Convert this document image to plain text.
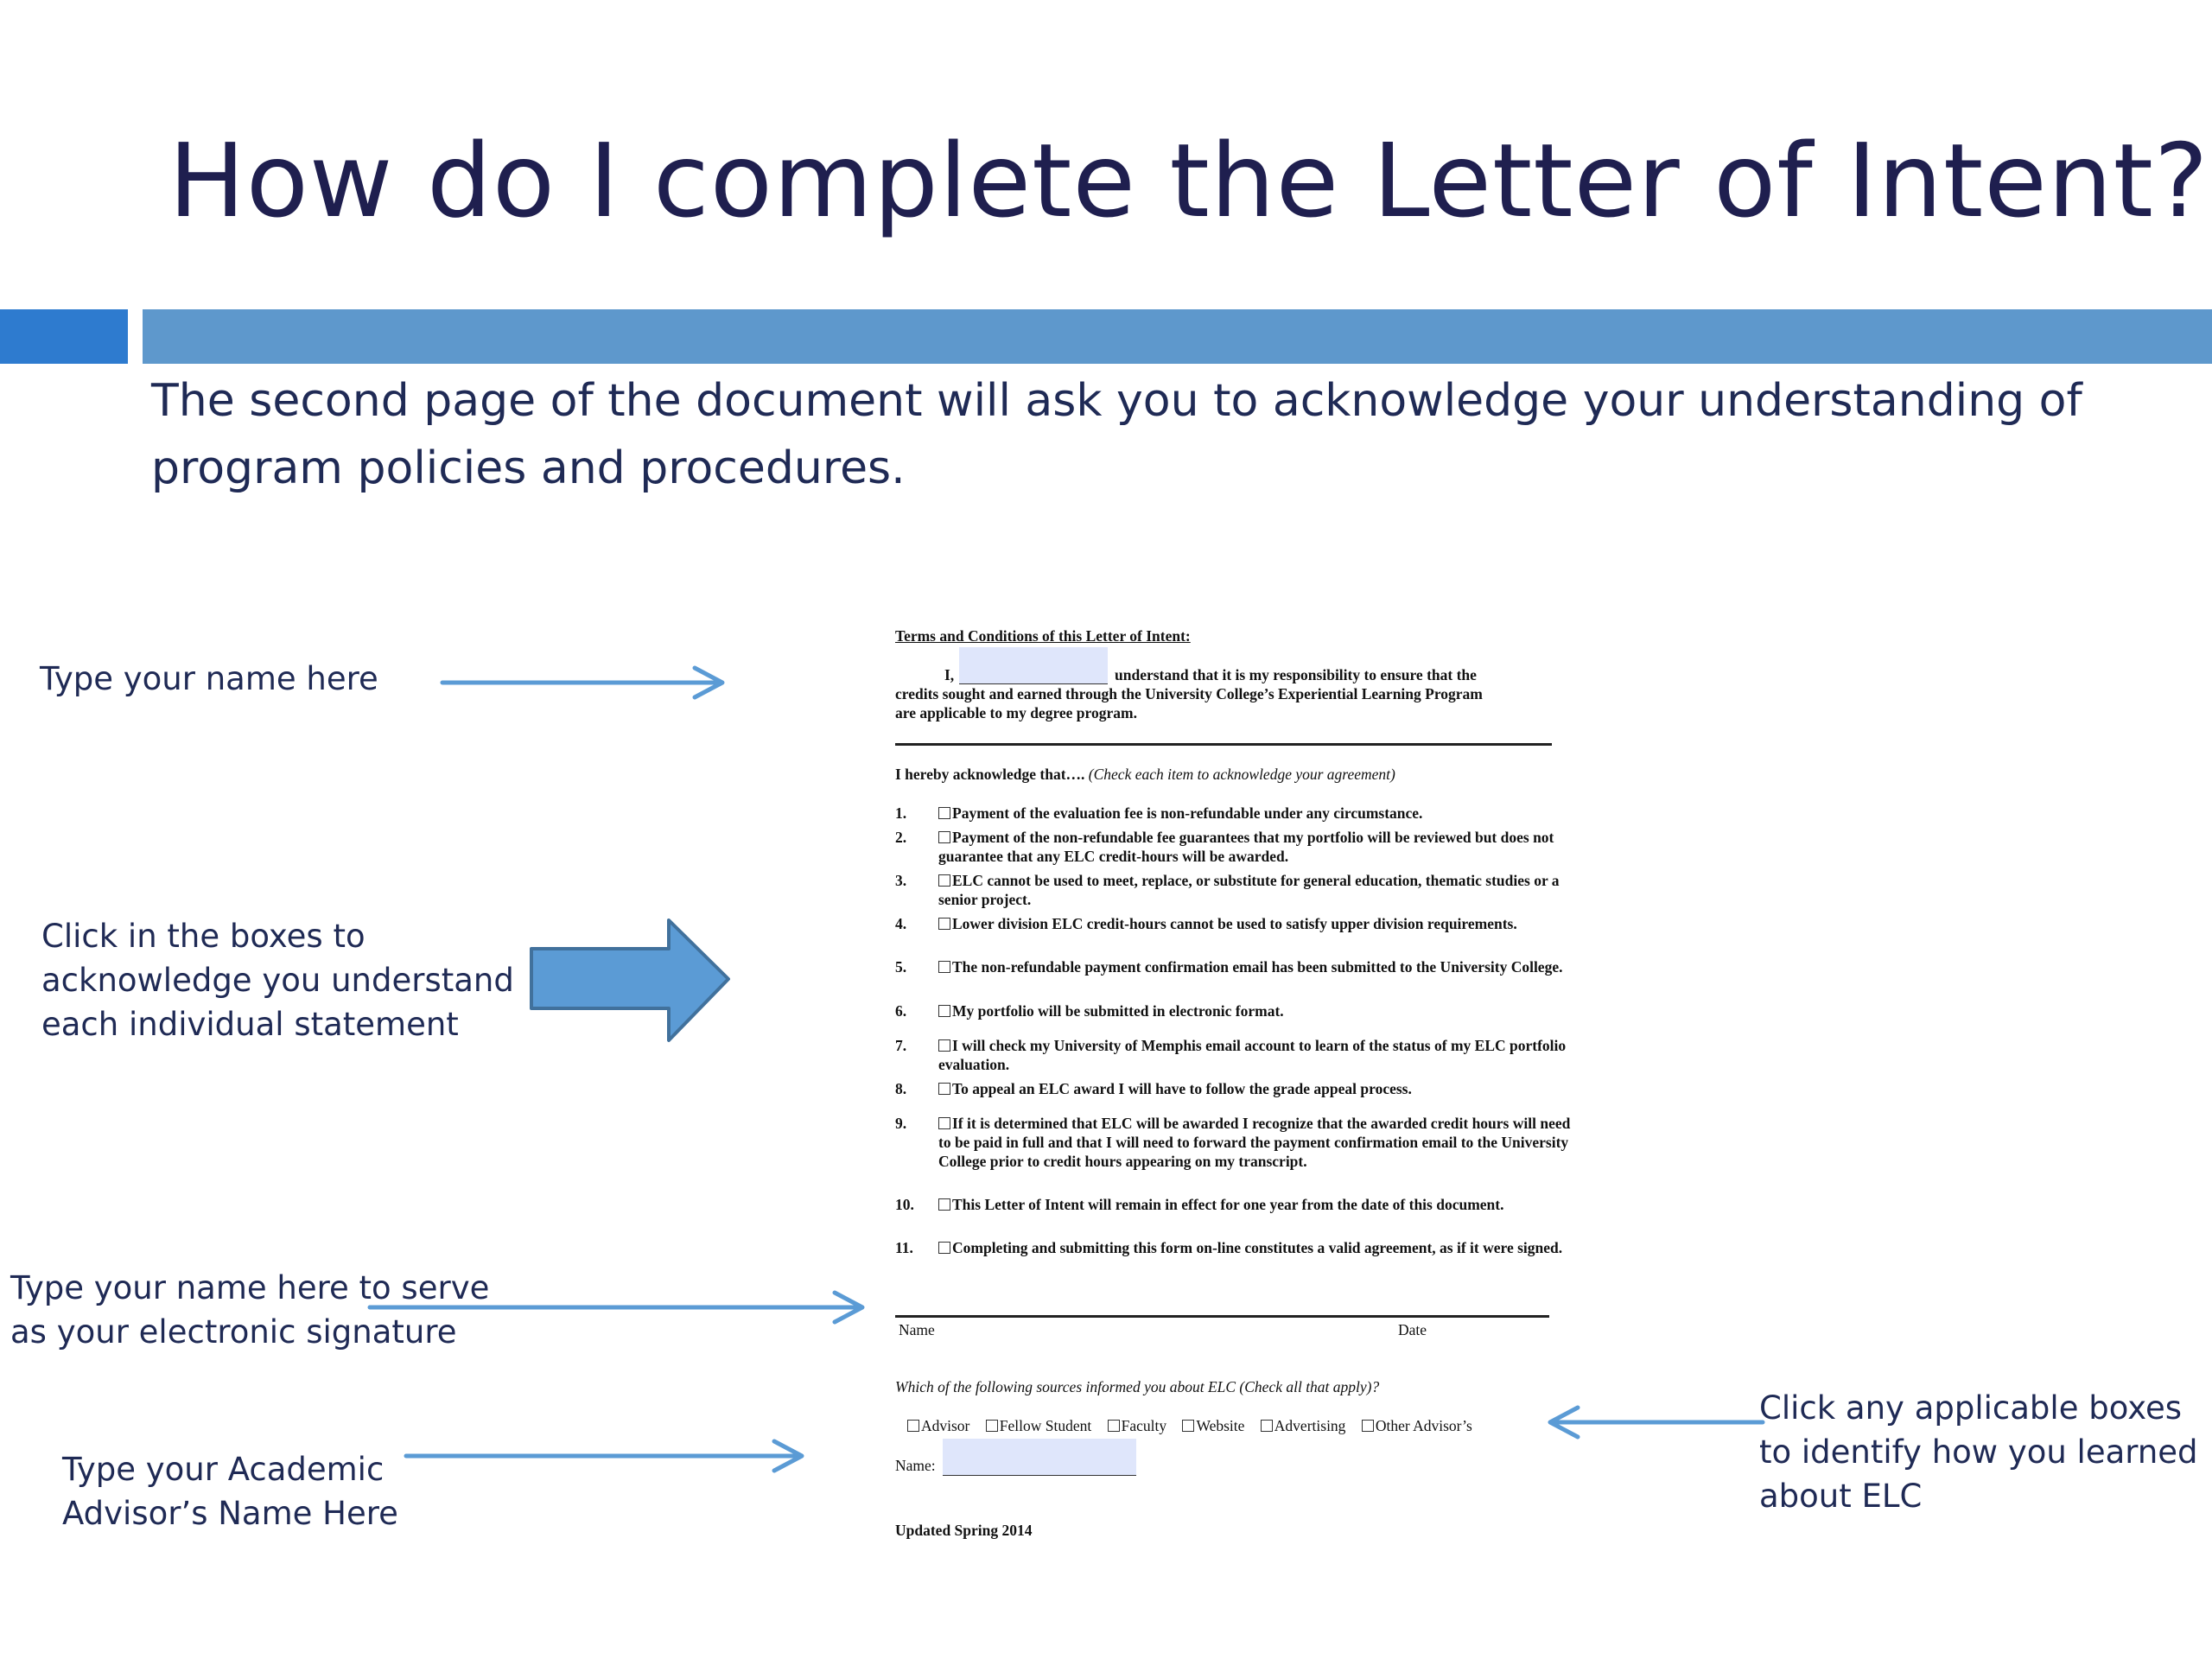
How do I complete the Letter of Intent?
The second page of the document will ask you to acknowledge your understanding of program policies and procedures.
Type your name here
Click in the boxes to acknowledge you understand each individual statement
Type your name here to serve as your electronic signature
Type your Academic Advisor’s Name Here
Click any applicable boxes to identify how you learned about ELC
Terms and Conditions of this Letter of Intent:
I,	understand that it is my responsibility to ensure that the
credits sought and earned through the University College’s Experiential Learning Program
are applicable to my degree program.
I hereby acknowledge that…. (Check each item to acknowledge your agreement)
1.	Payment of the evaluation fee is non-refundable under any circumstance.
2.	Payment of the non-refundable fee guarantees that my portfolio will be reviewed but does not guarantee that any ELC credit-hours will be awarded.
3.	ELC cannot be used to meet, replace, or substitute for general education, thematic studies or a senior project.
4.	Lower division ELC credit-hours cannot be used to satisfy upper division requirements.
5.	The non-refundable payment confirmation email has been submitted to the University College.
6.	My portfolio will be submitted in electronic format.
7.	I will check my University of Memphis email account to learn of the status of my ELC portfolio evaluation.
8.	To appeal an ELC award I will have to follow the grade appeal process.
9.	If it is determined that ELC will be awarded I recognize that the awarded credit hours will need to be paid in full and that I will need to forward the payment confirmation email to the University College prior to credit hours appearing on my transcript.
10.	This Letter of Intent will remain in effect for one year from the date of this document.
11.	Completing and submitting this form on-line constitutes a valid agreement, as if it were signed.
Name	Date
Which of the following sources informed you about ELC (Check all that apply)?
Advisor Fellow Student Faculty Website Advertising Other Advisor’s
Name:
Updated Spring 2014
